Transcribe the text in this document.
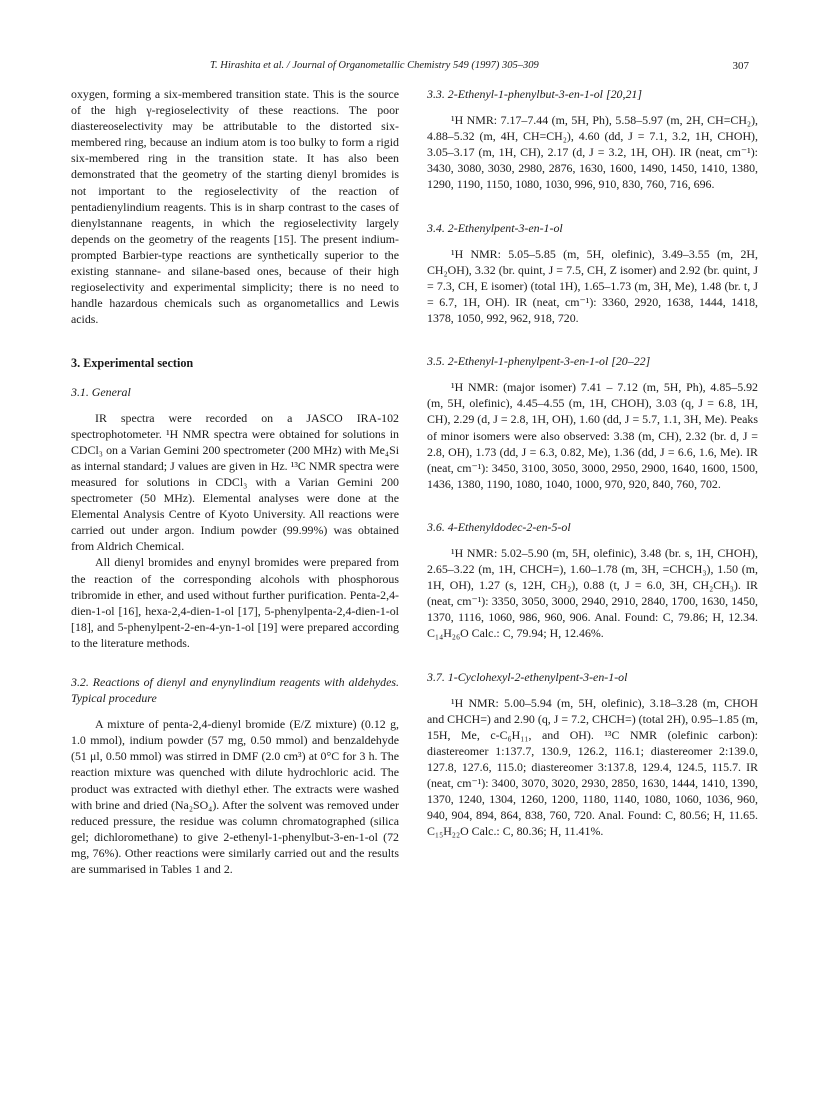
T. Hirashita et al. / Journal of Organometallic Chemistry 549 (1997) 305–309	307

oxygen, forming a six-membered transition state. This is the source of the high γ-regioselectivity of these reactions. The poor diastereoselectivity may be attributable to the distorted six-membered ring, because an indium atom is too bulky to form a rigid six-membered ring in the transition state. It has also been demonstrated that the geometry of the starting dienyl bromides is not important to the regioselectivity of the reaction of pentadienylindium reagents. This is in sharp contrast to the cases of dienylstannane reagents, in which the regioselectivity largely depends on the geometry of the reagents [15]. The present indium-prompted Barbier-type reactions are synthetically superior to the existing stannane- and silane-based ones, because of their high regioselectivity and experimental simplicity; there is no need to handle hazardous chemicals such as organometallics and Lewis acids.

3. Experimental section
3.1. General

IR spectra were recorded on a JASCO IRA-102 spectrophotometer. ¹H NMR spectra were obtained for solutions in CDCl₃ on a Varian Gemini 200 spectrometer (200 MHz) with Me₄Si as internal standard; J values are given in Hz. ¹³C NMR spectra were measured for solutions in CDCl₃ with a Varian Gemini 200 spectrometer (50 MHz). Elemental analyses were done at the Elemental Analysis Centre of Kyoto University. All reactions were carried out under argon. Indium powder (99.99%) was obtained from Aldrich Chemical.

All dienyl bromides and enynyl bromides were prepared from the reaction of the corresponding alcohols with phosphorous tribromide in ether, and used without further purification. Penta-2,4-dien-1-ol [16], hexa-2,4-dien-1-ol [17], 5-phenylpenta-2,4-dien-1-ol [18], and 5-phenylpent-2-en-4-yn-1-ol [19] were prepared according to the literature methods.

3.2. Reactions of dienyl and enynylindium reagents with aldehydes. Typical procedure

A mixture of penta-2,4-dienyl bromide (E/Z mixture) (0.12 g, 1.0 mmol), indium powder (57 mg, 0.50 mmol) and benzaldehyde (51 μl, 0.50 mmol) was stirred in DMF (2.0 cm³) at 0°C for 3 h. The reaction mixture was quenched with dilute hydrochloric acid. The product was extracted with diethyl ether. The extracts were washed with brine and dried (Na₂SO₄). After the solvent was removed under reduced pressure, the residue was column chromatographed (silica gel; dichloromethane) to give 2-ethenyl-1-phenylbut-3-en-1-ol (72 mg, 76%). Other reactions were similarly carried out and the results are summarised in Tables 1 and 2.

3.3. 2-Ethenyl-1-phenylbut-3-en-1-ol [20,21]

¹H NMR: 7.17–7.44 (m, 5H, Ph), 5.58–5.97 (m, 2H, CH=CH₂), 4.88–5.32 (m, 4H, CH=CH₂), 4.60 (dd, J = 7.1, 3.2, 1H, CHOH), 3.05–3.17 (m, 1H, CH), 2.17 (d, J = 3.2, 1H, OH). IR (neat, cm⁻¹): 3430, 3080, 3030, 2980, 2876, 1630, 1600, 1490, 1450, 1410, 1380, 1290, 1190, 1150, 1080, 1030, 996, 910, 830, 760, 716, 696.

3.4. 2-Ethenylpent-3-en-1-ol

¹H NMR: 5.05–5.85 (m, 5H, olefinic), 3.49–3.55 (m, 2H, CH₂OH), 3.32 (br. quint, J = 7.5, CH, Z isomer) and 2.92 (br. quint, J = 7.3, CH, E isomer) (total 1H), 1.65–1.73 (m, 3H, Me), 1.48 (br. t, J = 6.7, 1H, OH). IR (neat, cm⁻¹): 3360, 2920, 1638, 1444, 1418, 1378, 1050, 992, 962, 918, 720.

3.5. 2-Ethenyl-1-phenylpent-3-en-1-ol [20–22]

¹H NMR: (major isomer) 7.41 – 7.12 (m, 5H, Ph), 4.85–5.92 (m, 5H, olefinic), 4.45–4.55 (m, 1H, CHOH), 3.03 (q, J = 6.8, 1H, CH), 2.29 (d, J = 2.8, 1H, OH), 1.60 (dd, J = 5.7, 1.1, 3H, Me). Peaks of minor isomers were also observed: 3.38 (m, CH), 2.32 (br. d, J = 2.8, OH), 1.73 (dd, J = 6.3, 0.82, Me), 1.36 (dd, J = 6.6, 1.6, Me). IR (neat, cm⁻¹): 3450, 3100, 3050, 3000, 2950, 2900, 1640, 1600, 1500, 1436, 1380, 1190, 1080, 1040, 1000, 970, 920, 840, 760, 702.

3.6. 4-Ethenyldodec-2-en-5-ol

¹H NMR: 5.02–5.90 (m, 5H, olefinic), 3.48 (br. s, 1H, CHOH), 2.65–3.22 (m, 1H, CHCH=), 1.60–1.78 (m, 3H, =CHCH₃), 1.50 (m, 1H, OH), 1.27 (s, 12H, CH₂), 0.88 (t, J = 6.0, 3H, CH₂CH₃). IR (neat, cm⁻¹): 3350, 3050, 3000, 2940, 2910, 2840, 1700, 1630, 1450, 1370, 1116, 1060, 986, 960, 906. Anal. Found: C, 79.86; H, 12.34. C₁₄H₂₆O Calc.: C, 79.94; H, 12.46%.

3.7. 1-Cyclohexyl-2-ethenylpent-3-en-1-ol

¹H NMR: 5.00–5.94 (m, 5H, olefinic), 3.18–3.28 (m, CHOH and CHCH=) and 2.90 (q, J = 7.2, CHCH=) (total 2H), 0.95–1.85 (m, 15H, Me, c-C₆H₁₁, and OH). ¹³C NMR (olefinic carbon): diastereomer 1:137.7, 130.9, 126.2, 116.1; diastereomer 2:139.0, 127.8, 127.6, 115.0; diastereomer 3:137.8, 129.4, 124.5, 115.7. IR (neat, cm⁻¹): 3400, 3070, 3020, 2930, 2850, 1630, 1444, 1410, 1390, 1370, 1240, 1304, 1260, 1200, 1180, 1140, 1080, 1060, 1036, 960, 940, 904, 894, 864, 838, 760, 720. Anal. Found: C, 80.56; H, 11.65. C₁₅H₂₂O Calc.: C, 80.36; H, 11.41%.
